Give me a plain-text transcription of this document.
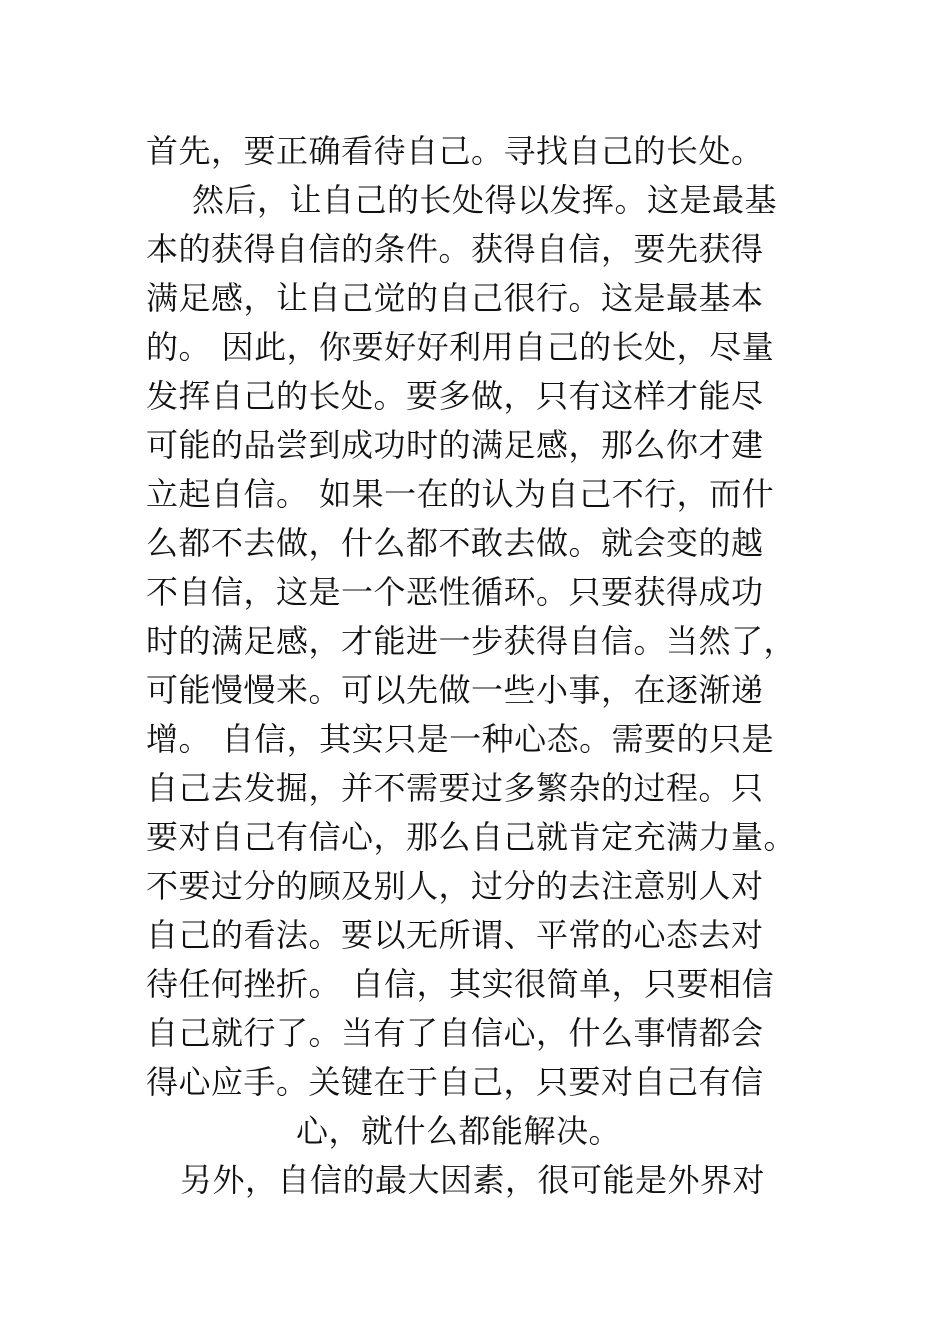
首先，要正确看待自己。寻找自己的长处。
然后，让自己的长处得以发挥。这是最基
本的获得自信的条件。获得自信，要先获得
满足感，让自己觉的自己很行。这是最基本
的。 因此，你要好好利用自己的长处，尽量
发挥自己的长处。要多做，只有这样才能尽
可能的品尝到成功时的满足感，那么你才建
立起自信。 如果一在的认为自己不行，而什
么都不去做，什么都不敢去做。就会变的越
不自信，这是一个恶性循环。只要获得成功
时的满足感，才能进一步获得自信。当然了，
可能慢慢来。可以先做一些小事，在逐渐递
增。 自信，其实只是一种心态。需要的只是
自己去发掘，并不需要过多繁杂的过程。只
要对自己有信心，那么自己就肯定充满力量。
不要过分的顾及别人，过分的去注意别人对
自己的看法。要以无所谓、平常的心态去对
待任何挫折。 自信，其实很简单，只要相信
自己就行了。当有了自信心，什么事情都会
得心应手。关键在于自己，只要对自己有信
心，就什么都能解决。
另外，自信的最大因素，很可能是外界对
